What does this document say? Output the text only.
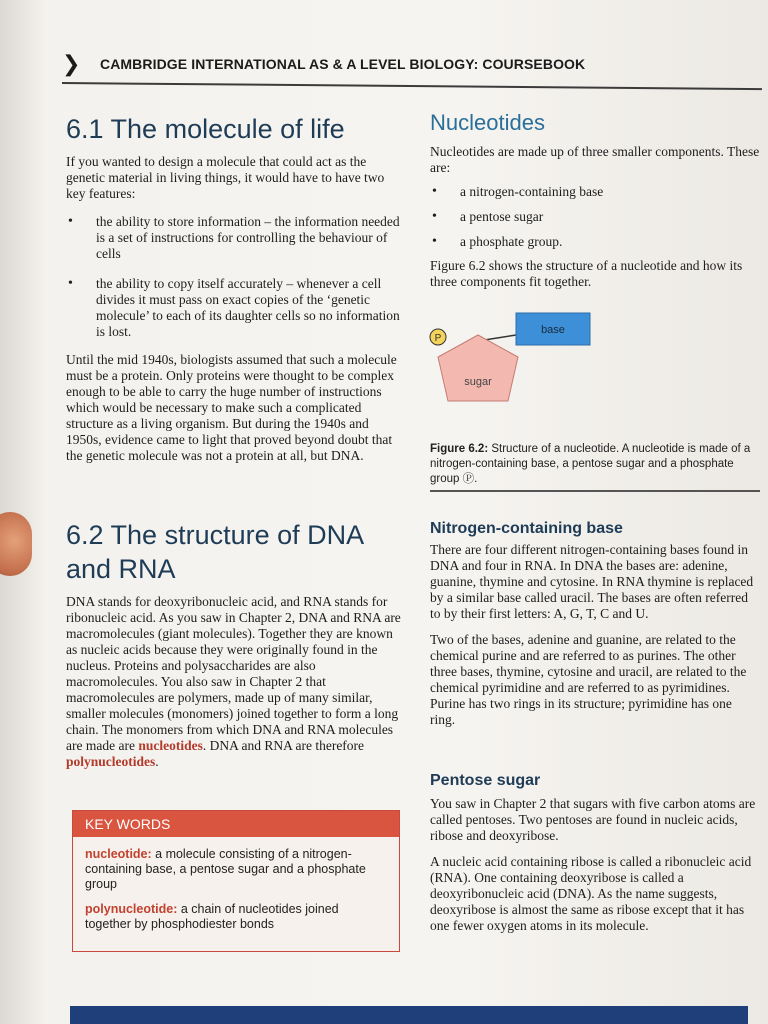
❯ CAMBRIDGE INTERNATIONAL AS & A LEVEL BIOLOGY: COURSEBOOK
6.1 The molecule of life

If you wanted to design a molecule that could act as the genetic material in living things, it would have to have two key features:

• the ability to store information – the information needed is a set of instructions for controlling the behaviour of cells
• the ability to copy itself accurately – whenever a cell divides it must pass on exact copies of the ‘genetic molecule’ to each of its daughter cells so no information is lost.

Until the mid 1940s, biologists assumed that such a molecule must be a protein. Only proteins were thought to be complex enough to be able to carry the huge number of instructions which would be necessary to make such a complicated structure as a living organism. But during the 1940s and 1950s, evidence came to light that proved beyond doubt that the genetic molecule was not a protein at all, but DNA.

6.2 The structure of DNA
and RNA

DNA stands for deoxyribonucleic acid, and RNA stands for ribonucleic acid. As you saw in Chapter 2, DNA and RNA are macromolecules (giant molecules). Together they are known as nucleic acids because they were originally found in the nucleus. Proteins and polysaccharides are also macromolecules. You also saw in Chapter 2 that macromolecules are polymers, made up of many similar, smaller molecules (monomers) joined together to form a long chain. The monomers from which DNA and RNA molecules are made are nucleotides. DNA and RNA are therefore polynucleotides.

KEY WORDS
nucleotide: a molecule consisting of a nitrogen-containing base, a pentose sugar and a phosphate group
polynucleotide: a chain of nucleotides joined together by phosphodiester bonds
Nucleotides

Nucleotides are made up of three smaller components. These are:

• a nitrogen-containing base
• a pentose sugar
• a phosphate group.

Figure 6.2 shows the structure of a nucleotide and how its three components fit together.

P
sugar
base
Figure 6.2: Structure of a nucleotide. A nucleotide is made of a nitrogen-containing base, a pentose sugar and a phosphate group Ⓟ.
Nitrogen-containing base

There are four different nitrogen-containing bases found in DNA and four in RNA. In DNA the bases are: adenine, guanine, thymine and cytosine. In RNA thymine is replaced by a similar base called uracil. The bases are often referred to by their first letters: A, G, T, C and U.

Two of the bases, adenine and guanine, are related to the chemical purine and are referred to as purines. The other three bases, thymine, cytosine and uracil, are related to the chemical pyrimidine and are referred to as pyrimidines. Purine has two rings in its structure; pyrimidine has one ring.

Pentose sugar

You saw in Chapter 2 that sugars with five carbon atoms are called pentoses. Two pentoses are found in nucleic acids, ribose and deoxyribose.

A nucleic acid containing ribose is called a ribonucleic acid (RNA). One containing deoxyribose is called a deoxyribonucleic acid (DNA). As the name suggests, deoxyribose is almost the same as ribose except that it has one fewer oxygen atoms in its molecule.
